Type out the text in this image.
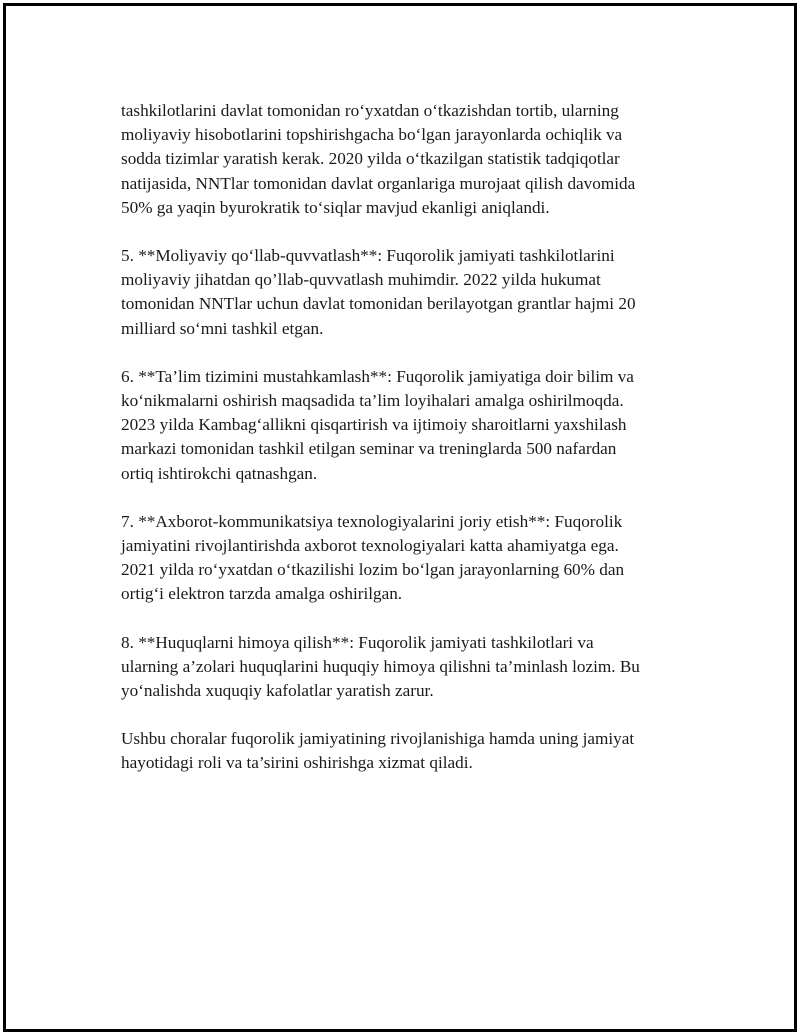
tashkilotlarini davlat tomonidan ro‘yxatdan o‘tkazishdan tortib, ularning
moliyaviy hisobotlarini topshirishgacha bo‘lgan jarayonlarda ochiqlik va
sodda tizimlar yaratish kerak. 2020 yilda o‘tkazilgan statistik tadqiqotlar
natijasida, NNTlar tomonidan davlat organlariga murojaat qilish davomida
50% ga yaqin byurokratik to‘siqlar mavjud ekanligi aniqlandi.

5. **Moliyaviy qo‘llab-quvvatlash**: Fuqorolik jamiyati tashkilotlarini
moliyaviy jihatdan qo’llab-quvvatlash muhimdir. 2022 yilda hukumat
tomonidan NNTlar uchun davlat tomonidan berilayotgan grantlar hajmi 20
milliard so‘mni tashkil etgan.

6. **Ta’lim tizimini mustahkamlash**: Fuqorolik jamiyatiga doir bilim va
ko‘nikmalarni oshirish maqsadida ta’lim loyihalari amalga oshirilmoqda.
2023 yilda Kambag‘allikni qisqartirish va ijtimoiy sharoitlarni yaxshilash
markazi tomonidan tashkil etilgan seminar va treninglarda 500 nafardan
ortiq ishtirokchi qatnashgan.

7. **Axborot-kommunikatsiya texnologiyalarini joriy etish**: Fuqorolik
jamiyatini rivojlantirishda axborot texnologiyalari katta ahamiyatga ega.
2021 yilda ro‘yxatdan o‘tkazilishi lozim bo‘lgan jarayonlarning 60% dan
ortig‘i elektron tarzda amalga oshirilgan.

8. **Huquqlarni himoya qilish**: Fuqorolik jamiyati tashkilotlari va
ularning a’zolari huquqlarini huquqiy himoya qilishni ta’minlash lozim. Bu
yo‘nalishda xuquqiy kafolatlar yaratish zarur.

Ushbu choralar fuqorolik jamiyatining rivojlanishiga hamda uning jamiyat
hayotidagi roli va ta’sirini oshirishga xizmat qiladi.
